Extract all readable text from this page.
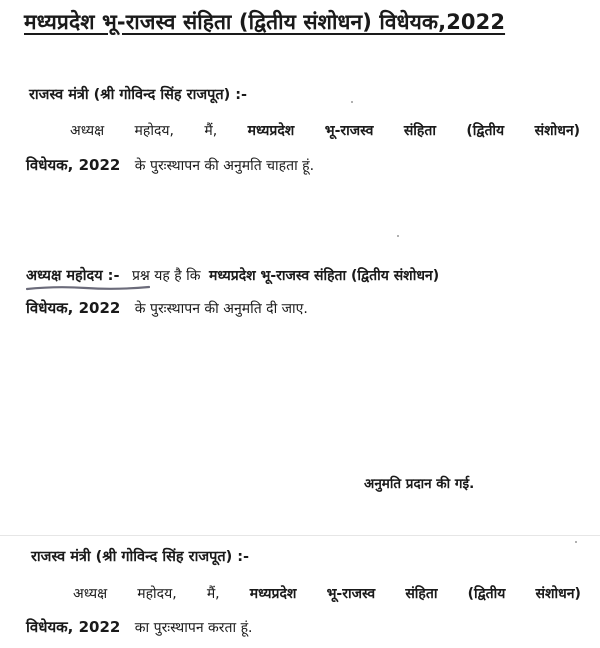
मध्यप्रदेश भू-राजस्व संहिता (द्वितीय संशोधन) विधेयक,2022
राजस्व मंत्री (श्री गोविन्द सिंह राजपूत) :-
अध्यक्ष महोदय, मैं, मध्यप्रदेश भू-राजस्व संहिता (द्वितीय संशोधन)
विधेयक, 2022 के पुरःस्थापन की अनुमति चाहता हूं.
अध्यक्ष महोदय :- प्रश्न यह है कि मध्यप्रदेश भू-राजस्व संहिता (द्वितीय संशोधन)
विधेयक, 2022 के पुरःस्थापन की अनुमति दी जाए.
अनुमति प्रदान की गई.
राजस्व मंत्री (श्री गोविन्द सिंह राजपूत) :-
अध्यक्ष महोदय, मैं, मध्यप्रदेश भू-राजस्व संहिता (द्वितीय संशोधन)
विधेयक, 2022 का पुरःस्थापन करता हूं.
